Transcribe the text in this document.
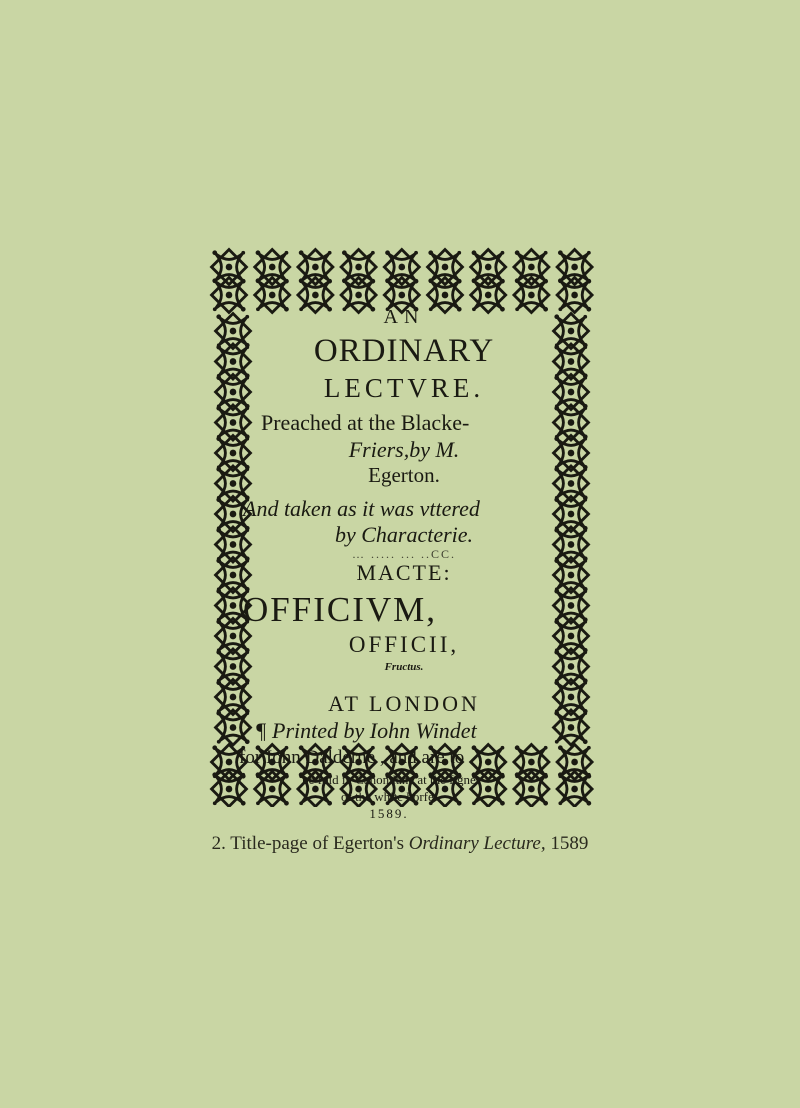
AN
ORDINARY
LECTVRE.
Preached at the Blacke-
Friers,by M.
Egerton.
And taken as it was vttered
by Characterie.
… ..... ... ..CC.
MACTE:
OFFICIVM,
OFFICII,
Fructus.
AT LONDON
¶ Printed by Iohn Windet
for Iohn Dalderne , and are to
be fold in Canon lane at the figne
of the white horfe.
1589.
2. Title-page of Egerton's Ordinary Lecture, 1589
